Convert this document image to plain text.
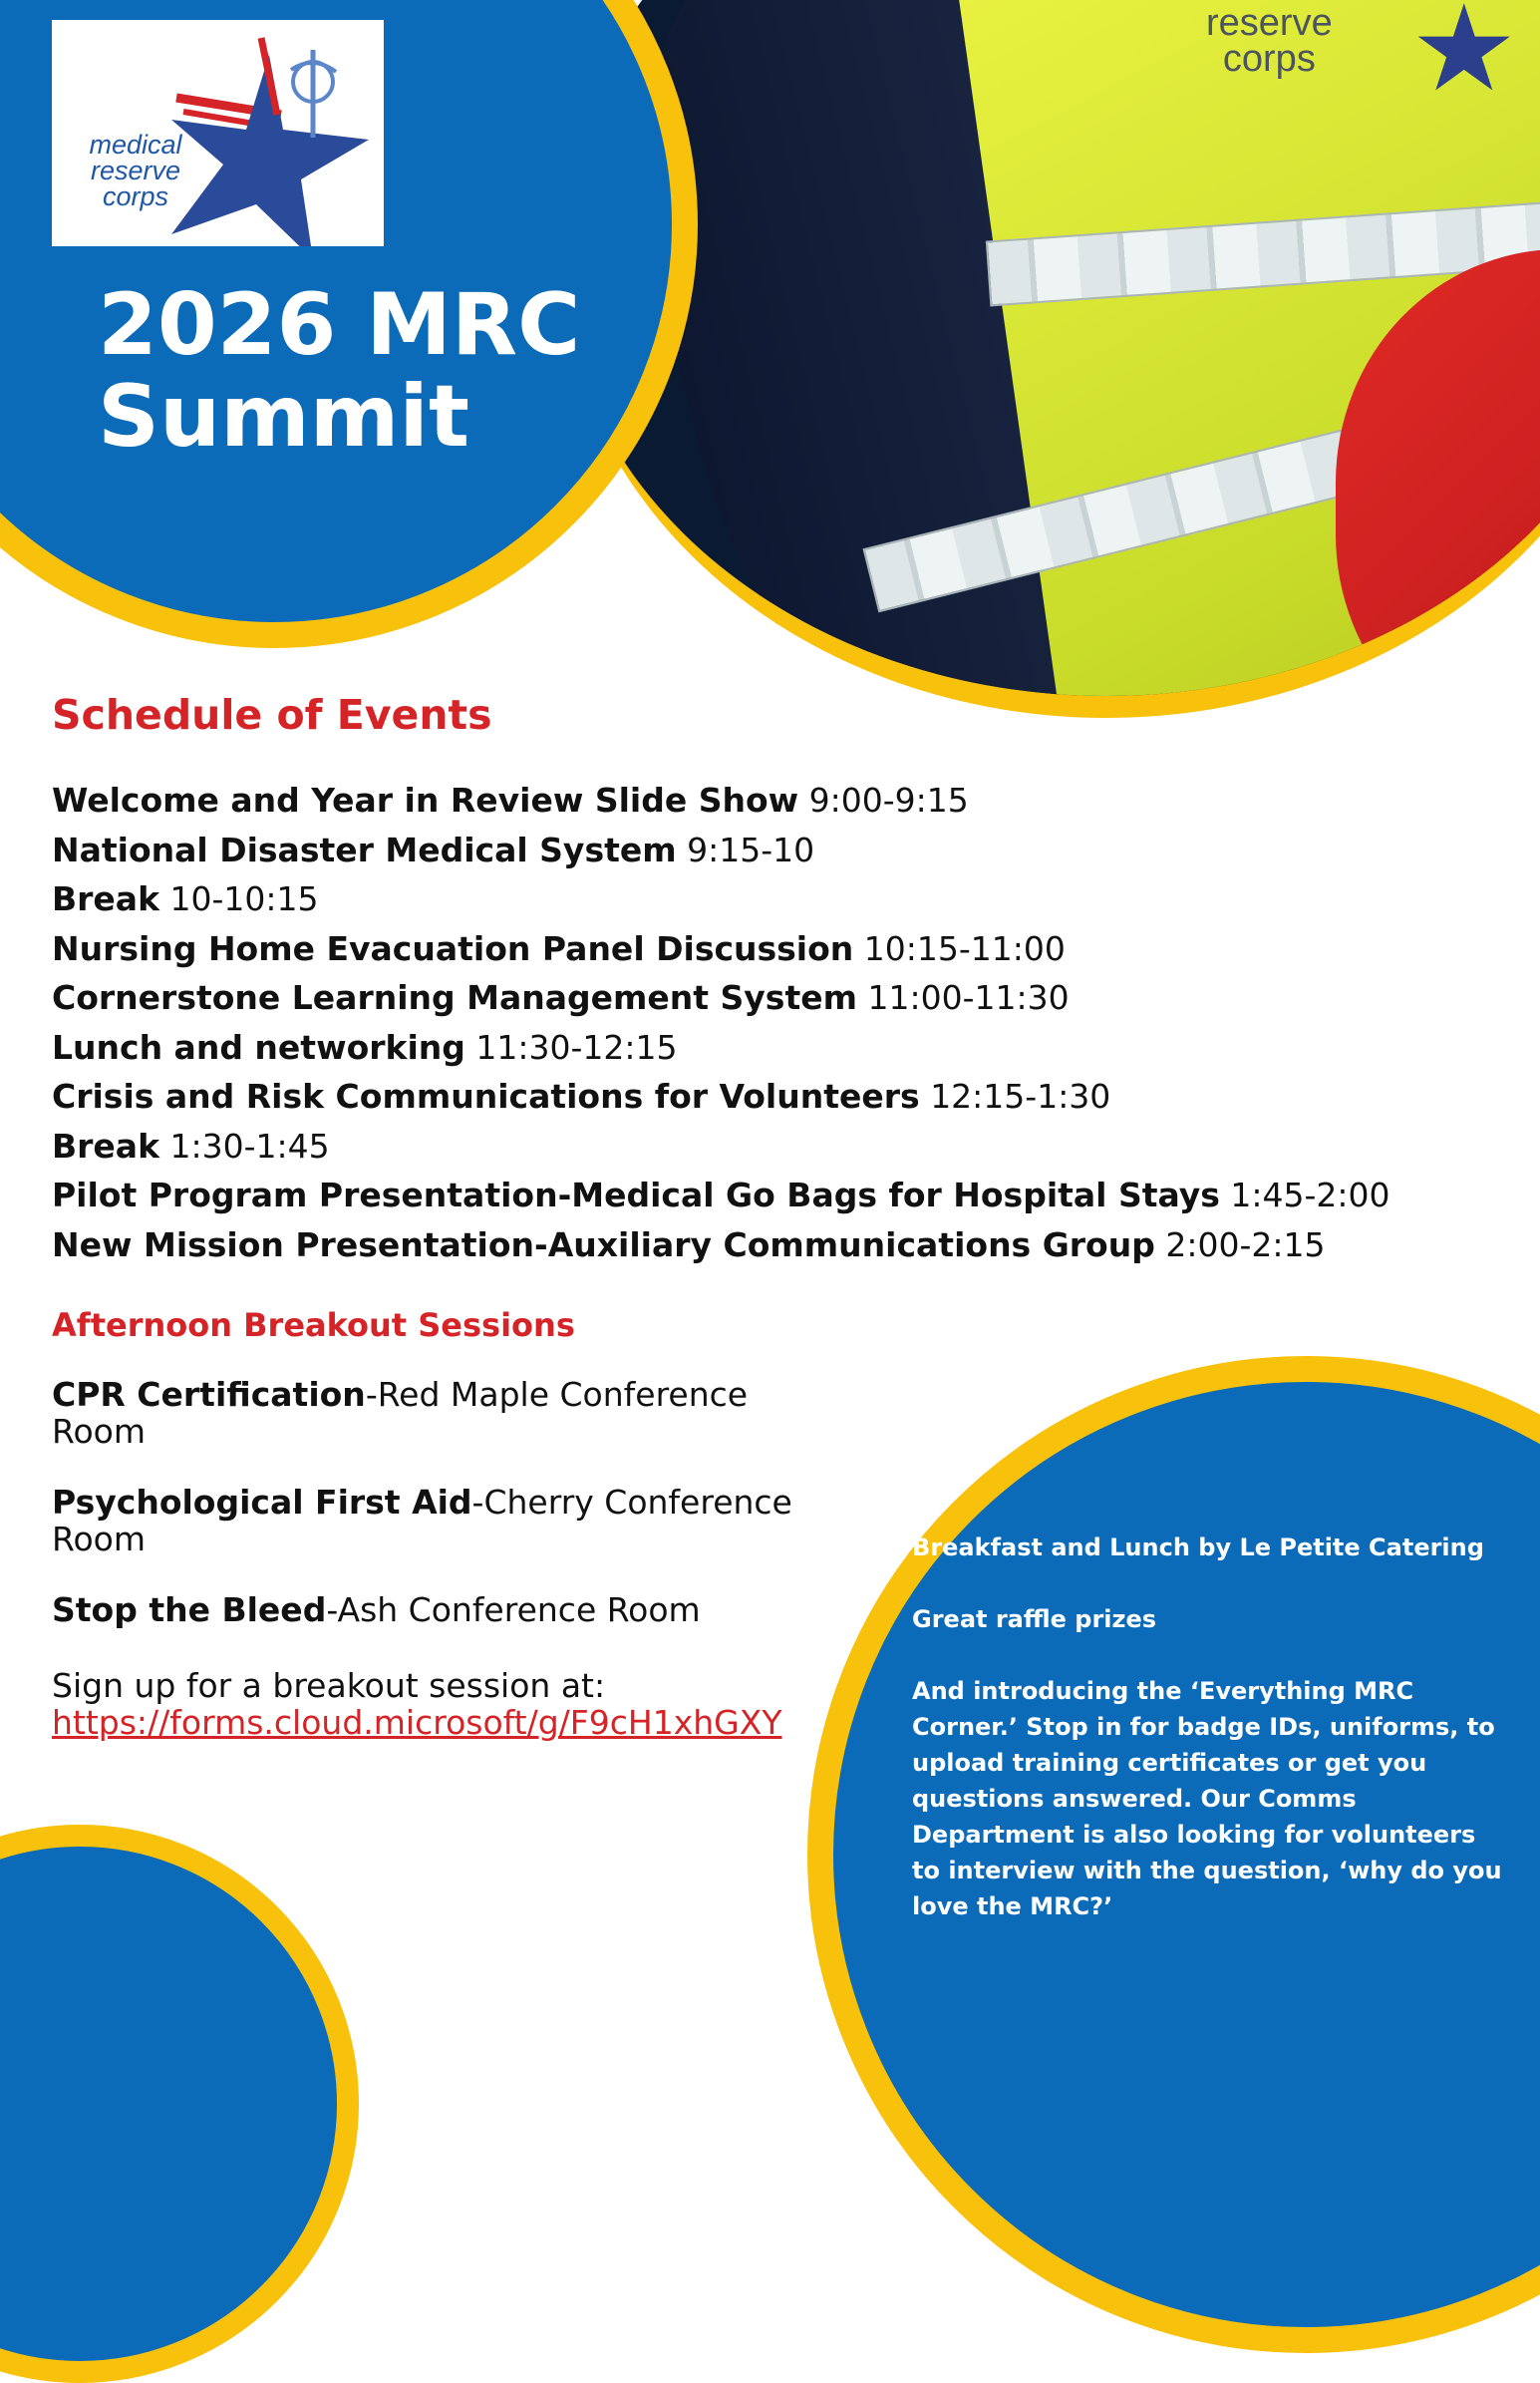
reserve
corps ★
medical
reserve
corps
2026 MRC
Summit
Schedule of Events
Welcome and Year in Review Slide Show 9:00-9:15
National Disaster Medical System 9:15-10
Break 10-10:15
Nursing Home Evacuation Panel Discussion 10:15-11:00
Cornerstone Learning Management System 11:00-11:30
Lunch and networking 11:30-12:15
Crisis and Risk Communications for Volunteers 12:15-1:30
Break 1:30-1:45
Pilot Program Presentation-Medical Go Bags for Hospital Stays 1:45-2:00
New Mission Presentation-Auxiliary Communications Group 2:00-2:15
Afternoon Breakout Sessions
CPR Certification-Red Maple Conference Room
Psychological First Aid-Cherry Conference Room
Stop the Bleed-Ash Conference Room
Sign up for a breakout session at:
https://forms.cloud.microsoft/g/F9cH1xhGXY

Breakfast and Lunch by Le Petite Catering

Great raffle prizes

And introducing the ‘Everything MRC Corner.’ Stop in for badge IDs, uniforms, to upload training certificates or get you questions answered. Our Comms Department is also looking for volunteers to interview with the question, ‘why do you love the MRC?’
